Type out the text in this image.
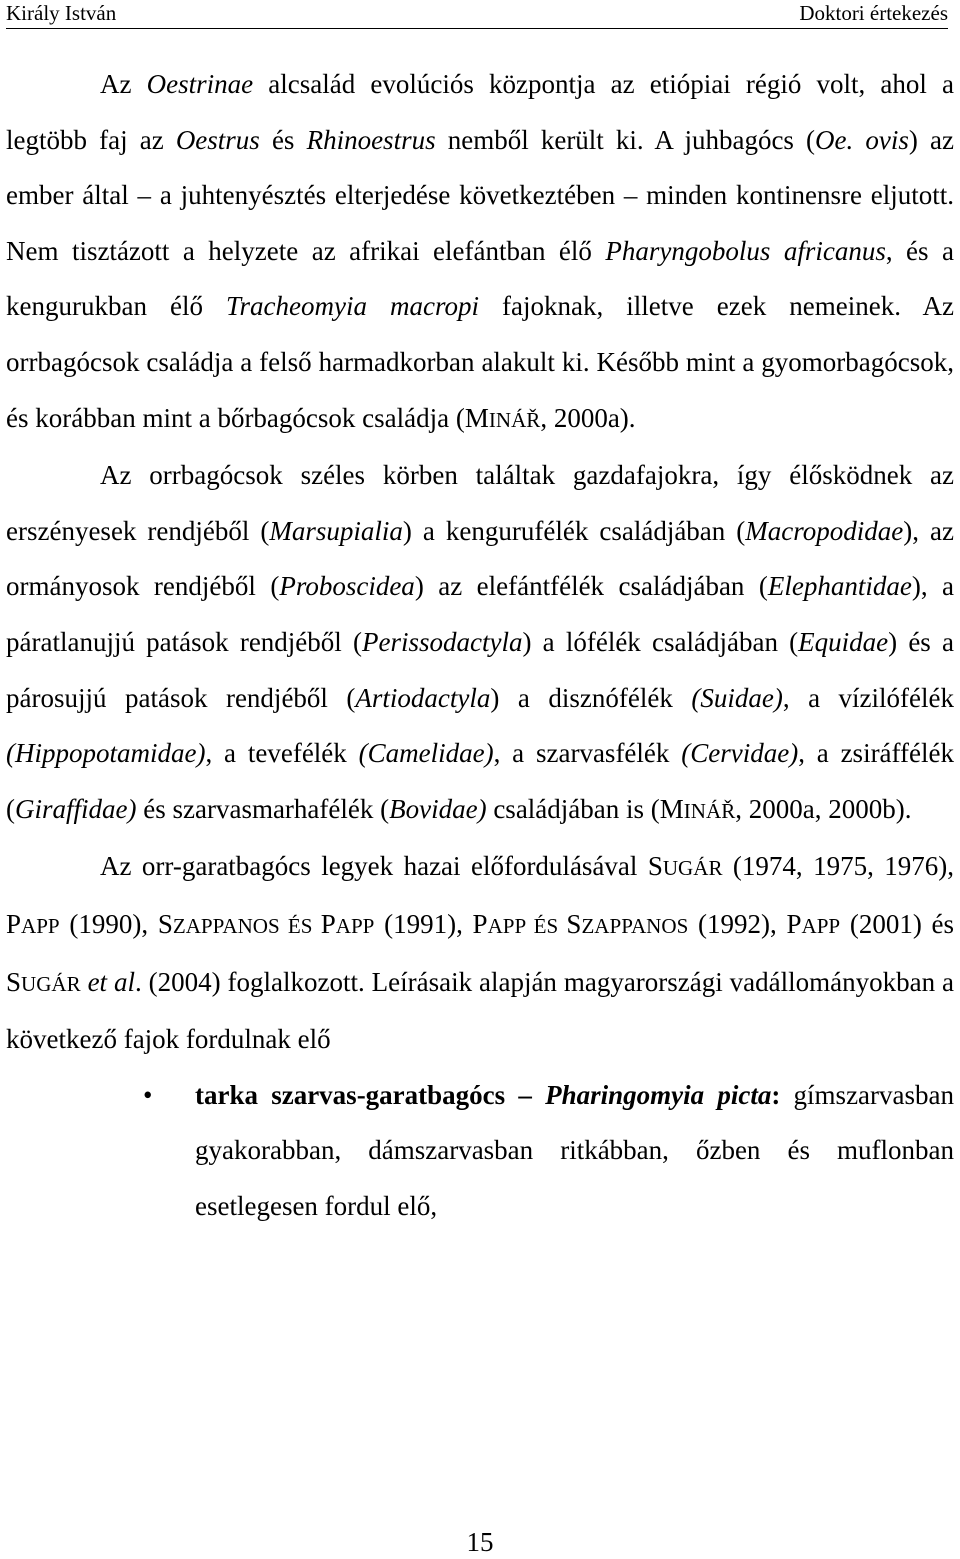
Király István	Doktori értekezés

Az Oestrinae alcsalád evolúciós központja az etiópiai régió volt, ahol a legtöbb faj az Oestrus és Rhinoestrus nemből került ki. A juhbagócs (Oe. ovis) az ember által – a juhtenyésztés elterjedése következtében – minden kontinensre eljutott. Nem tisztázott a helyzete az afrikai elefántban élő Pharyngobolus africanus, és a kengurukban élő Tracheomyia macropi fajoknak, illetve ezek nemeinek. Az orrbagócsok családja a felső harmadkorban alakult ki. Később mint a gyomorbagócsok, és korábban mint a bőrbagócsok családja (MINÁŘ, 2000a).

Az orrbagócsok széles körben találtak gazdafajokra, így élősködnek az erszényesek rendjéből (Marsupialia) a kengurufélék családjában (Macropodidae), az ormányosok rendjéből (Proboscidea) az elefántfélék családjában (Elephantidae), a páratlanujjú patások rendjéből (Perissodactyla) a lófélék családjában (Equidae) és a párosujjú patások rendjéből (Artiodactyla) a disznófélék (Suidae), a vízilófélék (Hippopotamidae), a tevefélék (Camelidae), a szarvasfélék (Cervidae), a zsiráffélék (Giraffidae) és szarvasmarhafélék (Bovidae) családjában is (MINÁŘ, 2000a, 2000b).

Az orr-garatbagócs legyek hazai előfordulásával SUGÁR (1974, 1975, 1976), PAPP (1990), SZAPPANOS ÉS PAPP (1991), PAPP ÉS SZAPPANOS (1992), PAPP (2001) és SUGÁR et al. (2004) foglalkozott. Leírásaik alapján magyarországi vadállományokban a következő fajok fordulnak elő

• tarka szarvas-garatbagócs – Pharingomyia picta: gímszarvasban gyakorabban, dámszarvasban ritkábban, őzben és muflonban esetlegesen fordul elő,
15
